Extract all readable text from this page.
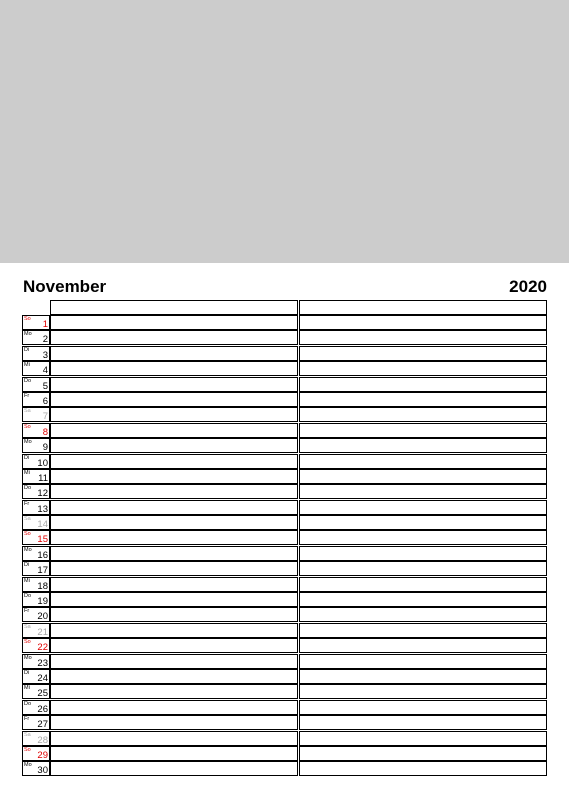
November	2020
So 1
Mo 2
Di 3
Mi 4
Do 5
Fr 6
Sa 7
So 8
Mo 9
Di 10
Mi 11
Do 12
Fr 13
Sa 14
So 15
Mo 16
Di 17
Mi 18
Do 19
Fr 20
Sa 21
So 22
Mo 23
Di 24
Mi 25
Do 26
Fr 27
Sa 28
So 29
Mo 30
